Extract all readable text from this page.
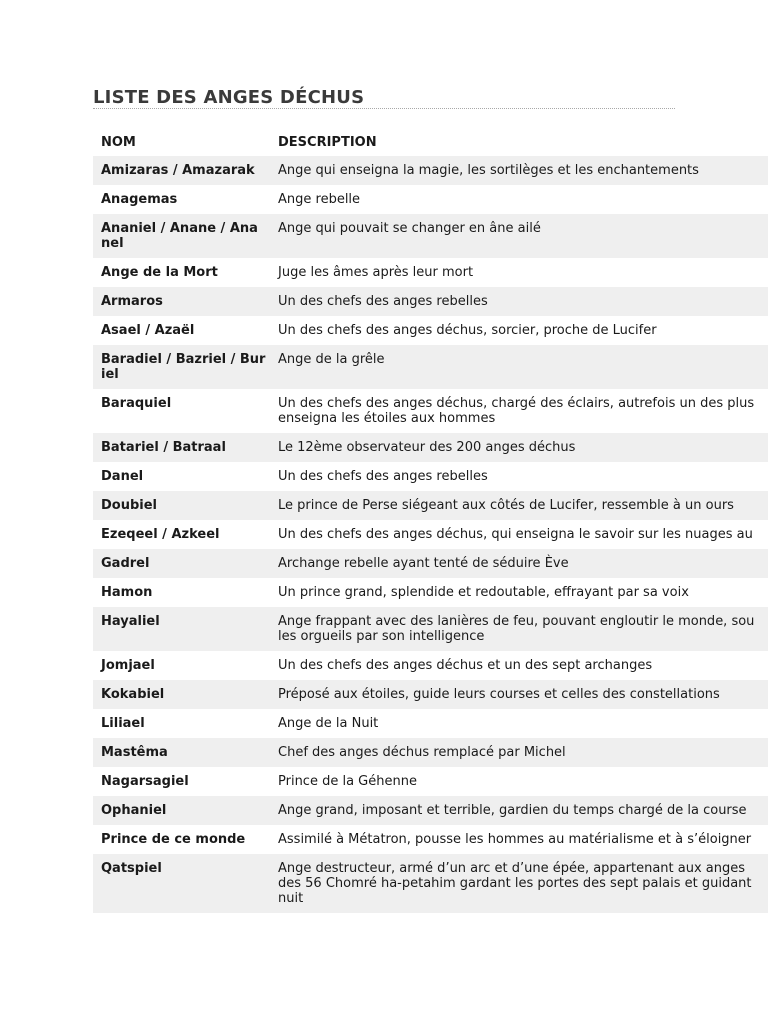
LISTE DES ANGES DÉCHUS
NOM	DESCRIPTION
Amizaras / Amazarak	Ange qui enseigna la magie, les sortilèges et les enchantements

Anagemas	Ange rebelle

Ananiel / Anane / Ananel	Ange qui pouvait se changer en âne ailé

Ange de la Mort	Juge les âmes après leur mort

Armaros	Un des chefs des anges rebelles

Asael / Azaël	Un des chefs des anges déchus, sorcier, proche de Lucifer

Baradiel / Bazriel / Buriel	Ange de la grêle

Baraquiel	Un des chefs des anges déchus, chargé des éclairs, autrefois un des plus
enseigna les étoiles aux hommes

Batariel / Batraal	Le 12ème observateur des 200 anges déchus

Danel	Un des chefs des anges rebelles

Doubiel	Le prince de Perse siégeant aux côtés de Lucifer, ressemble à un ours

Ezeqeel / Azkeel	Un des chefs des anges déchus, qui enseigna le savoir sur les nuages au

Gadrel	Archange rebelle ayant tenté de séduire Ève

Hamon	Un prince grand, splendide et redoutable, effrayant par sa voix

Hayaliel	Ange frappant avec des lanières de feu, pouvant engloutir le monde, sou
les orgueils par son intelligence

Jomjael	Un des chefs des anges déchus et un des sept archanges

Kokabiel	Préposé aux étoiles, guide leurs courses et celles des constellations

Liliael	Ange de la Nuit

Mastêma	Chef des anges déchus remplacé par Michel

Nagarsagiel	Prince de la Géhenne

Ophaniel	Ange grand, imposant et terrible, gardien du temps chargé de la course

Prince de ce monde	Assimilé à Métatron, pousse les hommes au matérialisme et à s’éloigner

Qatspiel	Ange destructeur, armé d’un arc et d’une épée, appartenant aux anges
des 56 Chomré ha-petahim gardant les portes des sept palais et guidant
nuit
